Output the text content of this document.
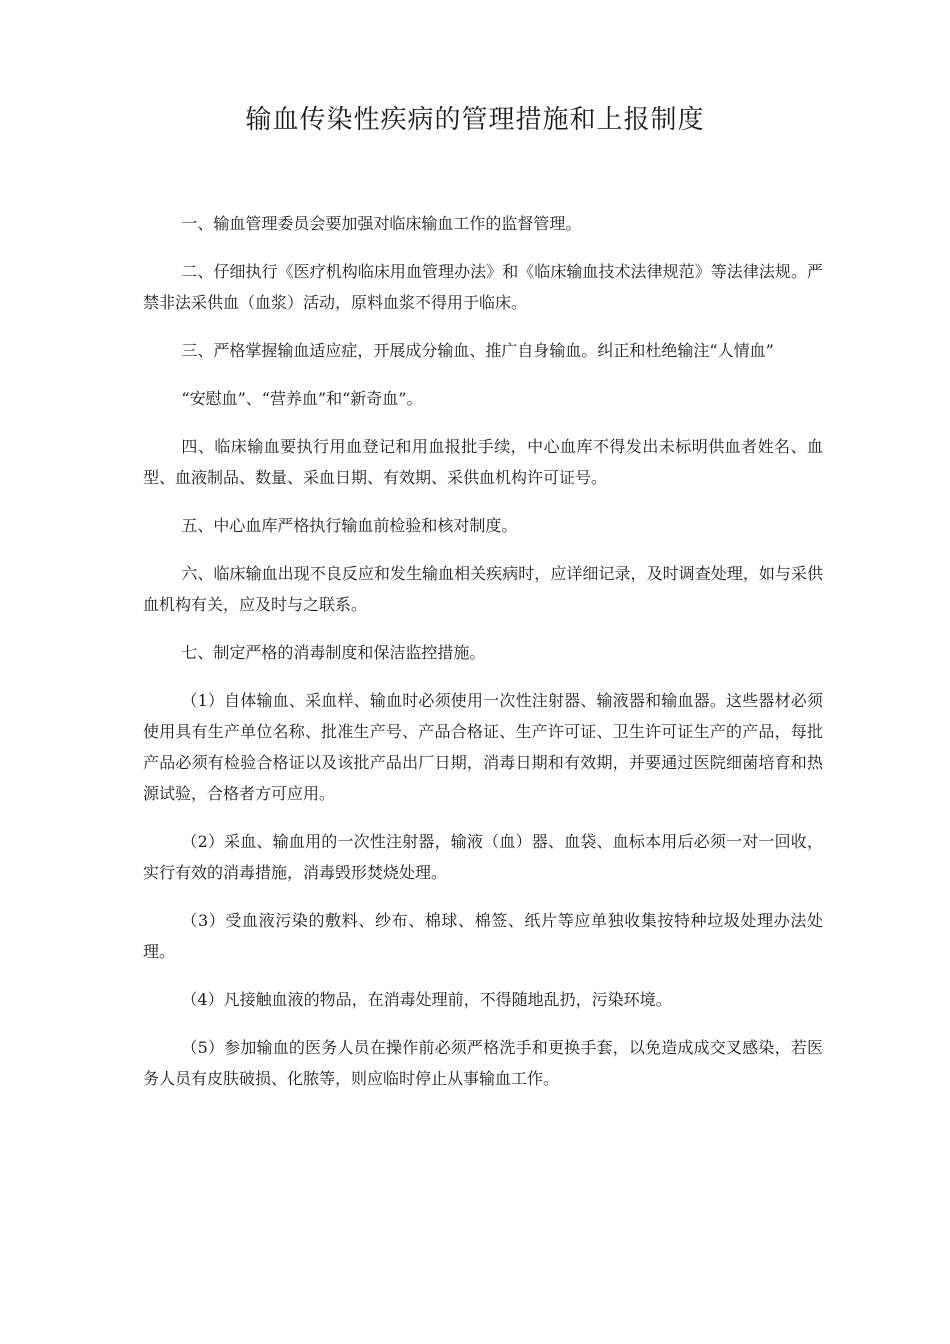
输血传染性疾病的管理措施和上报制度

一、输血管理委员会要加强对临床输血工作的监督管理。

二、仔细执行《医疗机构临床用血管理办法》和《临床输血技术法律规范》等法律法规。严禁非法采供血（血浆）活动，原料血浆不得用于临床。

三、严格掌握输血适应症，开展成分输血、推广自身输血。纠正和杜绝输注“人情血”

“安慰血”、“营养血”和“新奇血”。

四、临床输血要执行用血登记和用血报批手续，中心血库不得发出未标明供血者姓名、血型、血液制品、数量、采血日期、有效期、采供血机构许可证号。

五、中心血库严格执行输血前检验和核对制度。

六、临床输血出现不良反应和发生输血相关疾病时，应详细记录，及时调查处理，如与采供血机构有关，应及时与之联系。

七、制定严格的消毒制度和保洁监控措施。

（1）自体输血、采血样、输血时必须使用一次性注射器、输液器和输血器。这些器材必须使用具有生产单位名称、批准生产号、产品合格证、生产许可证、卫生许可证生产的产品，每批产品必须有检验合格证以及该批产品出厂日期，消毒日期和有效期，并要通过医院细菌培育和热源试验，合格者方可应用。

（2）采血、输血用的一次性注射器，输液（血）器、血袋、血标本用后必须一对一回收，实行有效的消毒措施，消毒毁形焚烧处理。

（3）受血液污染的敷料、纱布、棉球、棉签、纸片等应单独收集按特种垃圾处理办法处理。

（4）凡接触血液的物品，在消毒处理前，不得随地乱扔，污染环境。

（5）参加输血的医务人员在操作前必须严格洗手和更换手套，以免造成成交叉感染，若医务人员有皮肤破损、化脓等，则应临时停止从事输血工作。
